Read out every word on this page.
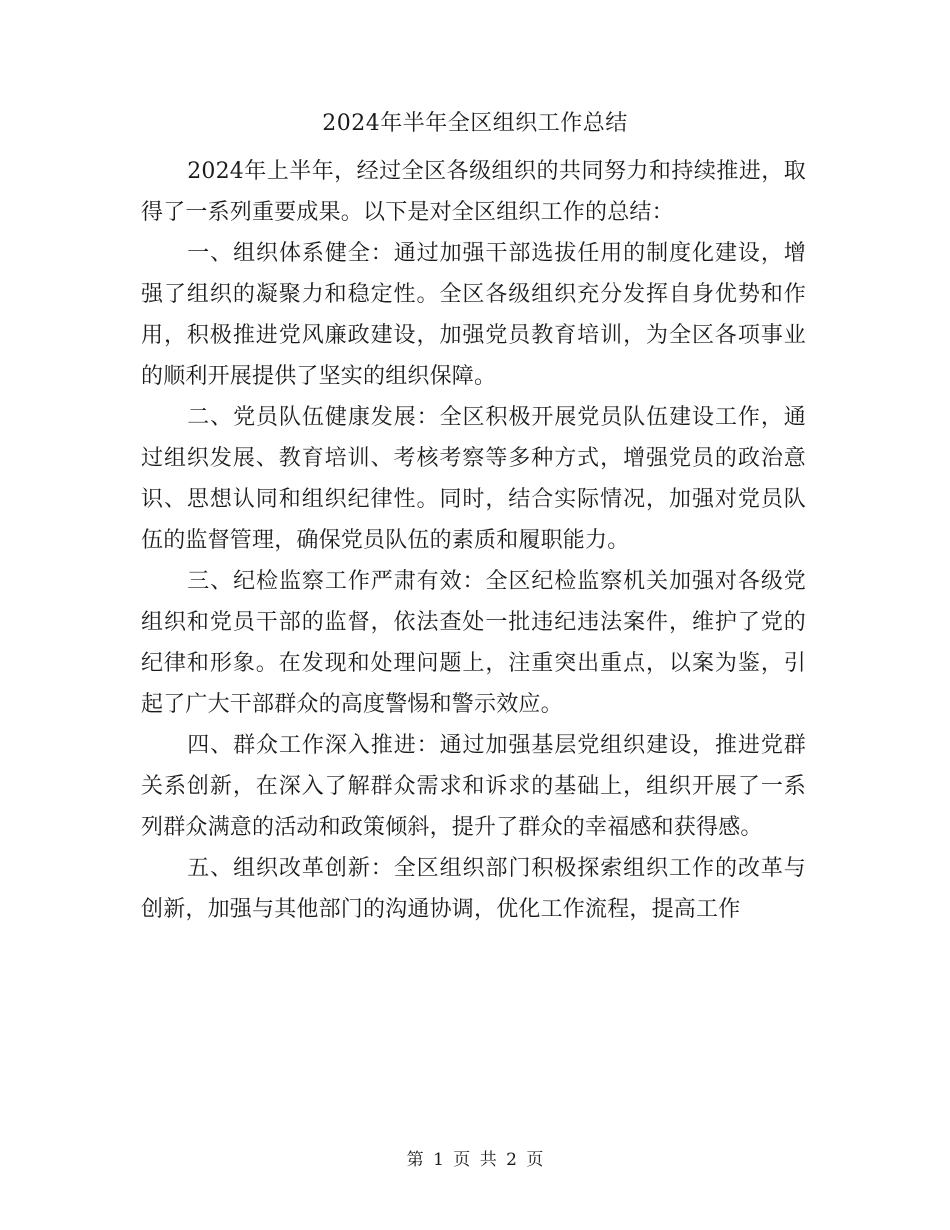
2024年半年全区组织工作总结

2024年上半年，经过全区各级组织的共同努力和持续推进，取得了一系列重要成果。以下是对全区组织工作的总结：

一、组织体系健全：通过加强干部选拔任用的制度化建设，增强了组织的凝聚力和稳定性。全区各级组织充分发挥自身优势和作用，积极推进党风廉政建设，加强党员教育培训，为全区各项事业的顺利开展提供了坚实的组织保障。

二、党员队伍健康发展：全区积极开展党员队伍建设工作，通过组织发展、教育培训、考核考察等多种方式，增强党员的政治意识、思想认同和组织纪律性。同时，结合实际情况，加强对党员队伍的监督管理，确保党员队伍的素质和履职能力。

三、纪检监察工作严肃有效：全区纪检监察机关加强对各级党组织和党员干部的监督，依法查处一批违纪违法案件，维护了党的纪律和形象。在发现和处理问题上，注重突出重点，以案为鉴，引起了广大干部群众的高度警惕和警示效应。

四、群众工作深入推进：通过加强基层党组织建设，推进党群关系创新，在深入了解群众需求和诉求的基础上，组织开展了一系列群众满意的活动和政策倾斜，提升了群众的幸福感和获得感。

五、组织改革创新：全区组织部门积极探索组织工作的改革与创新，加强与其他部门的沟通协调，优化工作流程，提高工作

第 1 页 共 2 页
